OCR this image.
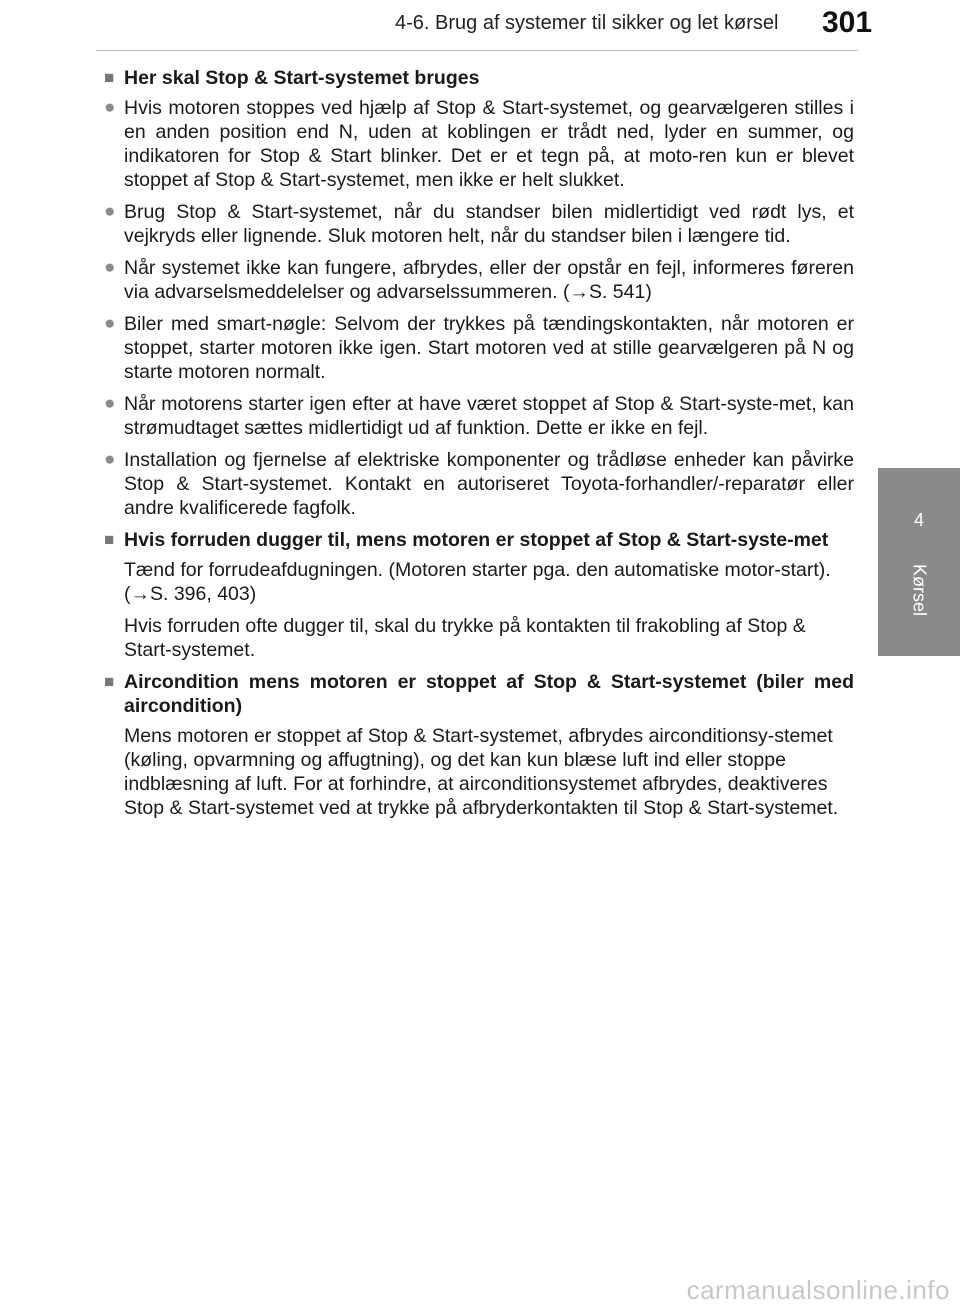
4-6. Brug af systemer til sikker og let kørsel 301
4
Kørsel
■ Her skal Stop & Start-systemet bruges
● Hvis motoren stoppes ved hjælp af Stop & Start-systemet, og gearvælgeren stilles i en anden position end N, uden at koblingen er trådt ned, lyder en summer, og indikatoren for Stop & Start blinker. Det er et tegn på, at moto-ren kun er blevet stoppet af Stop & Start-systemet, men ikke er helt slukket.
● Brug Stop & Start-systemet, når du standser bilen midlertidigt ved rødt lys, et vejkryds eller lignende. Sluk motoren helt, når du standser bilen i længere tid.
● Når systemet ikke kan fungere, afbrydes, eller der opstår en fejl, informeres føreren via advarselsmeddelelser og advarselssummeren. (→S. 541)
● Biler med smart-nøgle: Selvom der trykkes på tændingskontakten, når motoren er stoppet, starter motoren ikke igen. Start motoren ved at stille gearvælgeren på N og starte motoren normalt.
● Når motorens starter igen efter at have været stoppet af Stop & Start-syste-met, kan strømudtaget sættes midlertidigt ud af funktion. Dette er ikke en fejl.
● Installation og fjernelse af elektriske komponenter og trådløse enheder kan påvirke Stop & Start-systemet. Kontakt en autoriseret Toyota-forhandler/-reparatør eller andre kvalificerede fagfolk.
■ Hvis forruden dugger til, mens motoren er stoppet af Stop & Start-syste-met
Tænd for forrudeafdugningen. (Motoren starter pga. den automatiske motor-start). (→S. 396, 403)
Hvis forruden ofte dugger til, skal du trykke på kontakten til frakobling af Stop & Start-systemet.
■ Aircondition mens motoren er stoppet af Stop & Start-systemet (biler med aircondition)
Mens motoren er stoppet af Stop & Start-systemet, afbrydes airconditionsy-stemet (køling, opvarmning og affugtning), og det kan kun blæse luft ind eller stoppe indblæsning af luft. For at forhindre, at airconditionsystemet afbrydes, deaktiveres Stop & Start-systemet ved at trykke på afbryderkontakten til Stop & Start-systemet.
carmanualsonline.info
